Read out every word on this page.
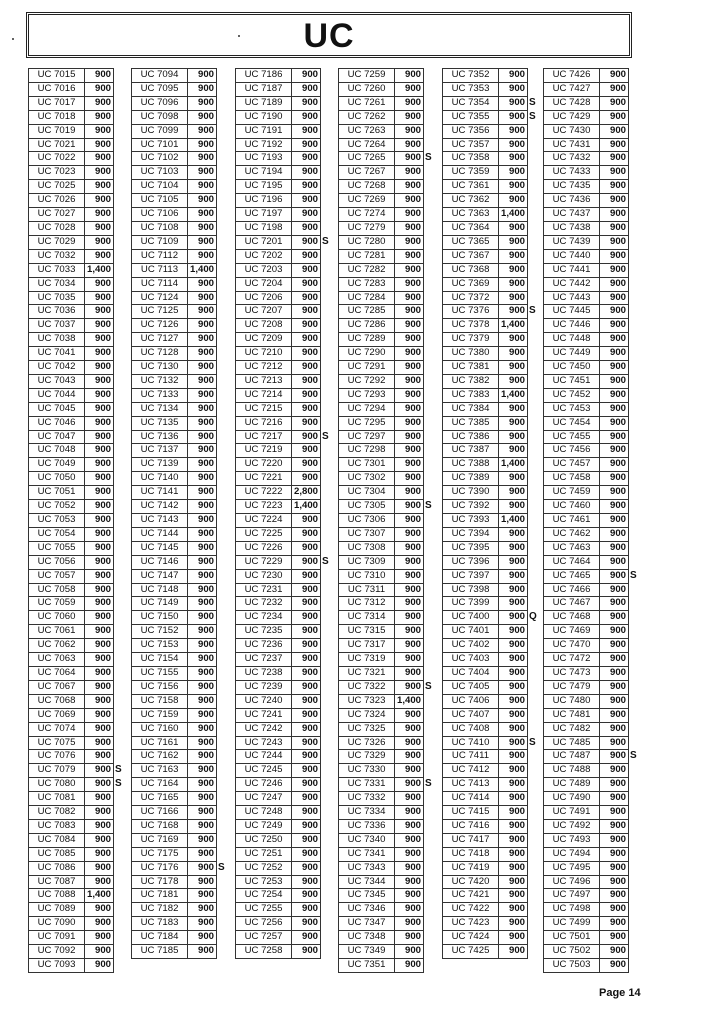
UC
UC 7015	900	
UC 7016	900	
UC 7017	900	
UC 7018	900	
UC 7019	900	
UC 7021	900	
UC 7022	900	
UC 7023	900	
UC 7025	900	
UC 7026	900	
UC 7027	900	
UC 7028	900	
UC 7029	900	
UC 7032	900	
UC 7033	1,400	
UC 7034	900	
UC 7035	900	
UC 7036	900	
UC 7037	900	
UC 7038	900	
UC 7041	900	
UC 7042	900	
UC 7043	900	
UC 7044	900	
UC 7045	900	
UC 7046	900	
UC 7047	900	
UC 7048	900	
UC 7049	900	
UC 7050	900	
UC 7051	900	
UC 7052	900	
UC 7053	900	
UC 7054	900	
UC 7055	900	
UC 7056	900	
UC 7057	900	
UC 7058	900	
UC 7059	900	
UC 7060	900	
UC 7061	900	
UC 7062	900	
UC 7063	900	
UC 7064	900	
UC 7067	900	
UC 7068	900	
UC 7069	900	
UC 7074	900	
UC 7075	900	
UC 7076	900	
UC 7079	900	S
UC 7080	900	S
UC 7081	900	
UC 7082	900	
UC 7083	900	
UC 7084	900	
UC 7085	900	
UC 7086	900	
UC 7087	900	
UC 7088	1,400	
UC 7089	900	
UC 7090	900	
UC 7091	900	
UC 7092	900	
UC 7093	900	
UC 7094	900	
UC 7095	900	
UC 7096	900	
UC 7098	900	
UC 7099	900	
UC 7101	900	
UC 7102	900	
UC 7103	900	
UC 7104	900	
UC 7105	900	
UC 7106	900	
UC 7108	900	
UC 7109	900	
UC 7112	900	
UC 7113	1,400	
UC 7114	900	
UC 7124	900	
UC 7125	900	
UC 7126	900	
UC 7127	900	
UC 7128	900	
UC 7130	900	
UC 7132	900	
UC 7133	900	
UC 7134	900	
UC 7135	900	
UC 7136	900	
UC 7137	900	
UC 7139	900	
UC 7140	900	
UC 7141	900	
UC 7142	900	
UC 7143	900	
UC 7144	900	
UC 7145	900	
UC 7146	900	
UC 7147	900	
UC 7148	900	
UC 7149	900	
UC 7150	900	
UC 7152	900	
UC 7153	900	
UC 7154	900	
UC 7155	900	
UC 7156	900	
UC 7158	900	
UC 7159	900	
UC 7160	900	
UC 7161	900	
UC 7162	900	
UC 7163	900	
UC 7164	900	
UC 7165	900	
UC 7166	900	
UC 7168	900	
UC 7169	900	
UC 7175	900	
UC 7176	900	S
UC 7178	900	
UC 7181	900	
UC 7182	900	
UC 7183	900	
UC 7184	900	
UC 7185	900	
UC 7186	900	
UC 7187	900	
UC 7189	900	
UC 7190	900	
UC 7191	900	
UC 7192	900	
UC 7193	900	
UC 7194	900	
UC 7195	900	
UC 7196	900	
UC 7197	900	
UC 7198	900	
UC 7201	900	S
UC 7202	900	
UC 7203	900	
UC 7204	900	
UC 7206	900	
UC 7207	900	
UC 7208	900	
UC 7209	900	
UC 7210	900	
UC 7212	900	
UC 7213	900	
UC 7214	900	
UC 7215	900	
UC 7216	900	
UC 7217	900	S
UC 7219	900	
UC 7220	900	
UC 7221	900	
UC 7222	2,800	
UC 7223	1,400	
UC 7224	900	
UC 7225	900	
UC 7226	900	
UC 7229	900	S
UC 7230	900	
UC 7231	900	
UC 7232	900	
UC 7234	900	
UC 7235	900	
UC 7236	900	
UC 7237	900	
UC 7238	900	
UC 7239	900	
UC 7240	900	
UC 7241	900	
UC 7242	900	
UC 7243	900	
UC 7244	900	
UC 7245	900	
UC 7246	900	
UC 7247	900	
UC 7248	900	
UC 7249	900	
UC 7250	900	
UC 7251	900	
UC 7252	900	
UC 7253	900	
UC 7254	900	
UC 7255	900	
UC 7256	900	
UC 7257	900	
UC 7258	900	
UC 7259	900	
UC 7260	900	
UC 7261	900	
UC 7262	900	
UC 7263	900	
UC 7264	900	
UC 7265	900	S
UC 7267	900	
UC 7268	900	
UC 7269	900	
UC 7274	900	
UC 7279	900	
UC 7280	900	
UC 7281	900	
UC 7282	900	
UC 7283	900	
UC 7284	900	
UC 7285	900	
UC 7286	900	
UC 7289	900	
UC 7290	900	
UC 7291	900	
UC 7292	900	
UC 7293	900	
UC 7294	900	
UC 7295	900	
UC 7297	900	
UC 7298	900	
UC 7301	900	
UC 7302	900	
UC 7304	900	
UC 7305	900	S
UC 7306	900	
UC 7307	900	
UC 7308	900	
UC 7309	900	
UC 7310	900	
UC 7311	900	
UC 7312	900	
UC 7314	900	
UC 7315	900	
UC 7317	900	
UC 7319	900	
UC 7321	900	
UC 7322	900	S
UC 7323	1,400	
UC 7324	900	
UC 7325	900	
UC 7326	900	
UC 7329	900	
UC 7330	900	
UC 7331	900	S
UC 7332	900	
UC 7334	900	
UC 7336	900	
UC 7340	900	
UC 7341	900	
UC 7343	900	
UC 7344	900	
UC 7345	900	
UC 7346	900	
UC 7347	900	
UC 7348	900	
UC 7349	900	
UC 7351	900	
UC 7352	900	
UC 7353	900	
UC 7354	900	S
UC 7355	900	S
UC 7356	900	
UC 7357	900	
UC 7358	900	
UC 7359	900	
UC 7361	900	
UC 7362	900	
UC 7363	1,400	
UC 7364	900	
UC 7365	900	
UC 7367	900	
UC 7368	900	
UC 7369	900	
UC 7372	900	
UC 7376	900	S
UC 7378	1,400	
UC 7379	900	
UC 7380	900	
UC 7381	900	
UC 7382	900	
UC 7383	1,400	
UC 7384	900	
UC 7385	900	
UC 7386	900	
UC 7387	900	
UC 7388	1,400	
UC 7389	900	
UC 7390	900	
UC 7392	900	
UC 7393	1,400	
UC 7394	900	
UC 7395	900	
UC 7396	900	
UC 7397	900	
UC 7398	900	
UC 7399	900	
UC 7400	900	Q
UC 7401	900	
UC 7402	900	
UC 7403	900	
UC 7404	900	
UC 7405	900	
UC 7406	900	
UC 7407	900	
UC 7408	900	
UC 7410	900	S
UC 7411	900	
UC 7412	900	
UC 7413	900	
UC 7414	900	
UC 7415	900	
UC 7416	900	
UC 7417	900	
UC 7418	900	
UC 7419	900	
UC 7420	900	
UC 7421	900	
UC 7422	900	
UC 7423	900	
UC 7424	900	
UC 7425	900	
UC 7426	900	
UC 7427	900	
UC 7428	900	
UC 7429	900	
UC 7430	900	
UC 7431	900	
UC 7432	900	
UC 7433	900	
UC 7435	900	
UC 7436	900	
UC 7437	900	
UC 7438	900	
UC 7439	900	
UC 7440	900	
UC 7441	900	
UC 7442	900	
UC 7443	900	
UC 7445	900	
UC 7446	900	
UC 7448	900	
UC 7449	900	
UC 7450	900	
UC 7451	900	
UC 7452	900	
UC 7453	900	
UC 7454	900	
UC 7455	900	
UC 7456	900	
UC 7457	900	
UC 7458	900	
UC 7459	900	
UC 7460	900	
UC 7461	900	
UC 7462	900	
UC 7463	900	
UC 7464	900	
UC 7465	900	S
UC 7466	900	
UC 7467	900	
UC 7468	900	
UC 7469	900	
UC 7470	900	
UC 7472	900	
UC 7473	900	
UC 7479	900	
UC 7480	900	
UC 7481	900	
UC 7482	900	
UC 7485	900	
UC 7487	900	S
UC 7488	900	
UC 7489	900	
UC 7490	900	
UC 7491	900	
UC 7492	900	
UC 7493	900	
UC 7494	900	
UC 7495	900	
UC 7496	900	
UC 7497	900	
UC 7498	900	
UC 7499	900	
UC 7501	900	
UC 7502	900	
UC 7503	900	
Page 14
